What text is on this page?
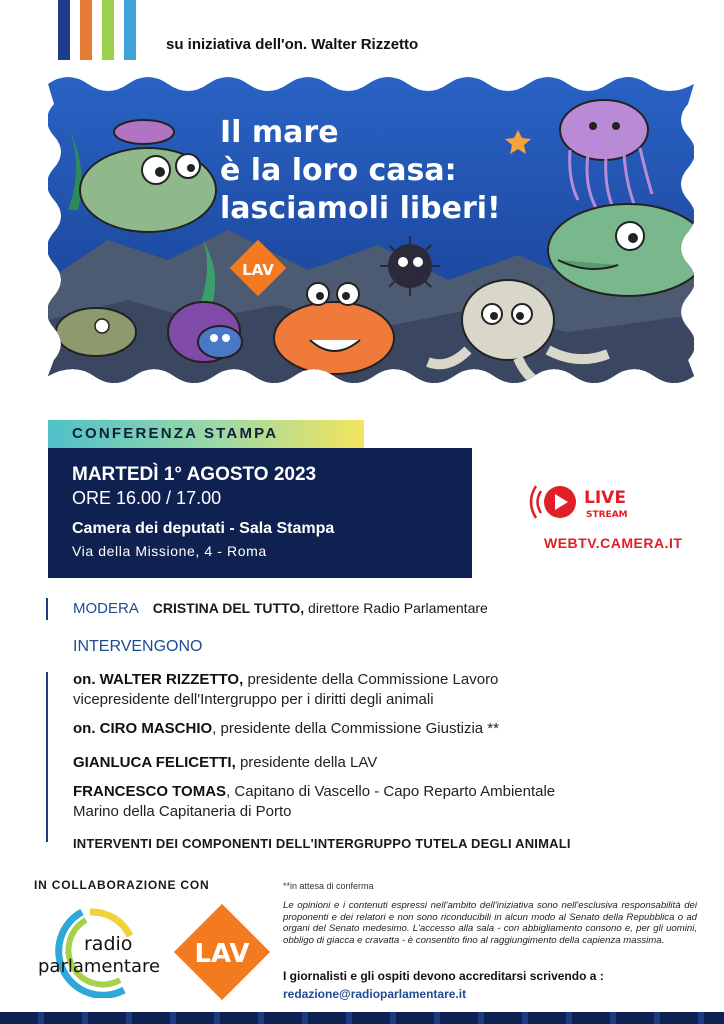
su iniziativa dell'on. Walter Rizzetto
Il mare
è la loro casa:
lasciamoli liberi!
LAV
CONFERENZA STAMPA
MARTEDÌ 1° AGOSTO 2023
ORE 16.00 / 17.00
Camera dei deputati - Sala Stampa
Via della Missione, 4 - Roma
LIVE
STREAM
WEBTV.CAMERA.IT
MODERA CRISTINA DEL TUTTO, direttore Radio Parlamentare
INTERVENGONO
on. WALTER RIZZETTO, presidente della Commissione Lavoro
vicepresidente dell'Intergruppo per i diritti degli animali
on. CIRO MASCHIO, presidente della Commissione Giustizia **
GIANLUCA FELICETTI, presidente della LAV
FRANCESCO TOMAS, Capitano di Vascello - Capo Reparto Ambientale
Marino della Capitaneria di Porto
INTERVENTI DEI COMPONENTI DELL'INTERGRUPPO TUTELA DEGLI ANIMALI
IN COLLABORAZIONE CON
radio
parlamentare LAV
**in attesa di conferma
Le opinioni e i contenuti espressi nell'ambito dell'iniziativa sono nell'esclusiva responsabilità dei proponenti e dei relatori e non sono riconducibili in alcun modo al Senato della Repubblica o ad organi del Senato medesimo. L'accesso alla sala - con abbigliamento consono e, per gli uomini, obbligo di giacca e cravatta - è consentito fino al raggiungimento della capienza massima.
I giornalisti e gli ospiti devono accreditarsi scrivendo a :
redazione@radioparlamentare.it
